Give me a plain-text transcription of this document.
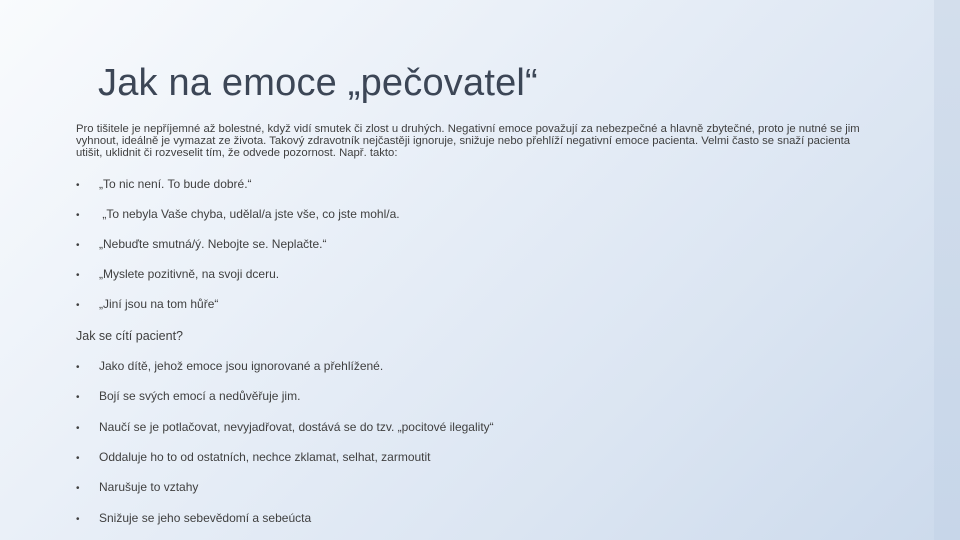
Jak na emoce „pečovatel“

Pro tišitele je nepříjemné až bolestné, když vidí smutek či zlost u druhých. Negativní emoce považují za nebezpečné a hlavně zbytečné, proto je nutné se jim vyhnout, ideálně je vymazat ze života. Takový zdravotník nejčastěji ignoruje, snižuje nebo přehlíží negativní emoce pacienta. Velmi často se snaží pacienta utišit, uklidnit či rozveselit tím, že odvede pozornost. Např. takto:

• „To nic není. To bude dobré.“
• „To nebyla Vaše chyba, udělal/a jste vše, co jste mohl/a.
• „Nebuďte smutná/ý. Nebojte se. Neplačte.“
• „Myslete pozitivně, na svoji dceru.
• „Jiní jsou na tom hůře“
Jak se cítí pacient?
• Jako dítě, jehož emoce jsou ignorované a přehlížené.
• Bojí se svých emocí a nedůvěřuje jim.
• Naučí se je potlačovat, nevyjadřovat, dostává se do tzv. „pocitové ilegality“
• Oddaluje ho to od ostatních, nechce zklamat, selhat, zarmoutit
• Narušuje to vztahy
• Snižuje se jeho sebevědomí a sebeúcta
